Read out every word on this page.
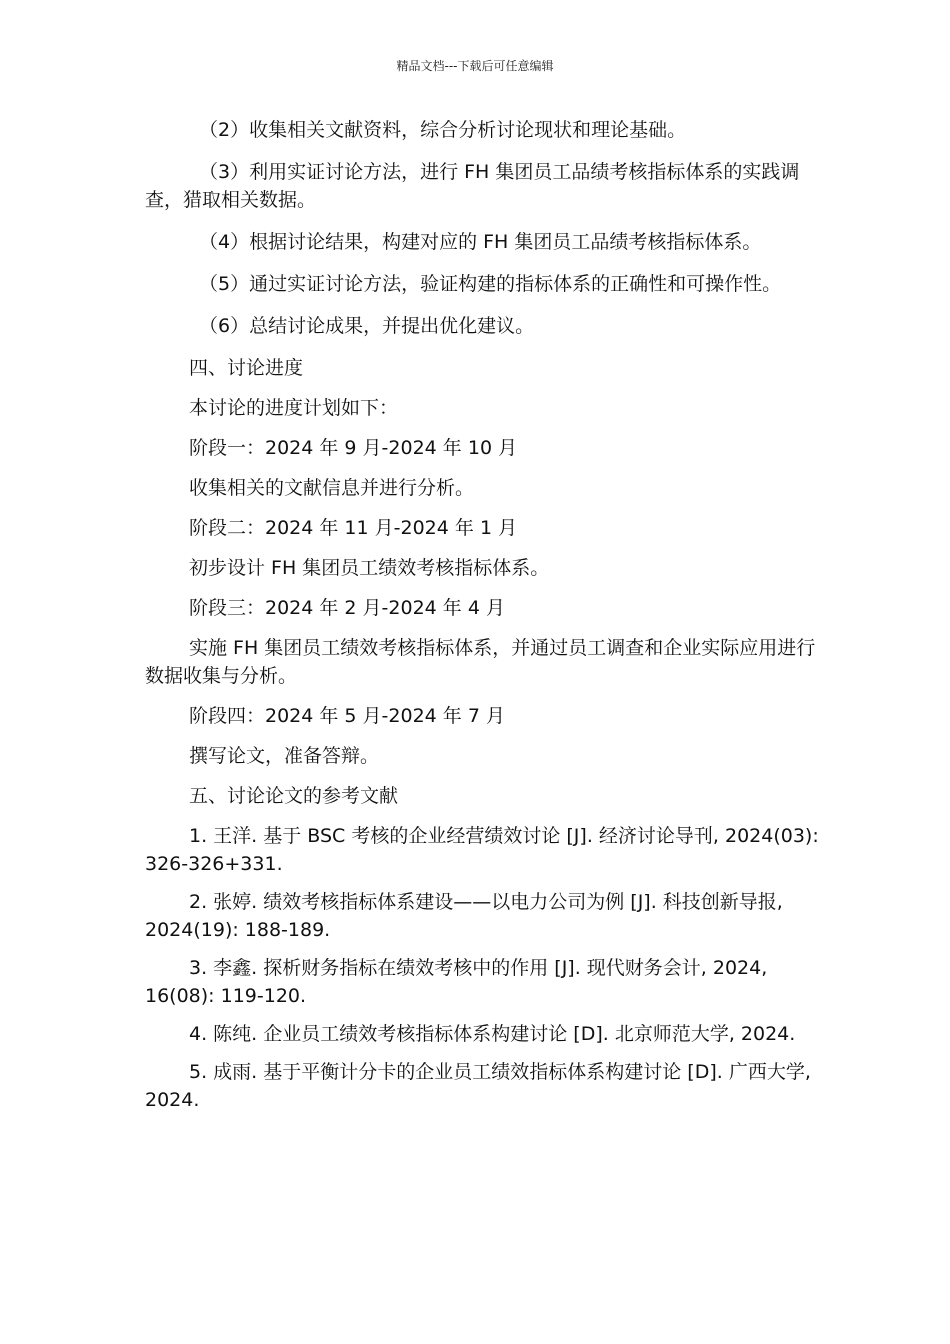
精品文档---下载后可任意编辑

（2）收集相关文献资料，综合分析讨论现状和理论基础。

（3）利用实证讨论方法，进行 FH 集团员工品绩考核指标体系的实践调查，猎取相关数据。

（4）根据讨论结果，构建对应的 FH 集团员工品绩考核指标体系。

（5）通过实证讨论方法，验证构建的指标体系的正确性和可操作性。

（6）总结讨论成果，并提出优化建议。

四、讨论进度

本讨论的进度计划如下：

阶段一：2024 年 9 月-2024 年 10 月

收集相关的文献信息并进行分析。

阶段二：2024 年 11 月-2024 年 1 月

初步设计 FH 集团员工绩效考核指标体系。

阶段三：2024 年 2 月-2024 年 4 月

实施 FH 集团员工绩效考核指标体系，并通过员工调查和企业实际应用进行数据收集与分析。

阶段四：2024 年 5 月-2024 年 7 月

撰写论文，准备答辩。

五、讨论论文的参考文献

1. 王洋. 基于 BSC 考核的企业经营绩效讨论 [J]. 经济讨论导刊, 2024(03): 326-326+331.

2. 张婷. 绩效考核指标体系建设——以电力公司为例 [J]. 科技创新导报, 2024(19): 188-189.

3. 李鑫. 探析财务指标在绩效考核中的作用 [J]. 现代财务会计, 2024, 16(08): 119-120.

4. 陈纯. 企业员工绩效考核指标体系构建讨论 [D]. 北京师范大学, 2024.

5. 成雨. 基于平衡计分卡的企业员工绩效指标体系构建讨论 [D]. 广西大学, 2024.
